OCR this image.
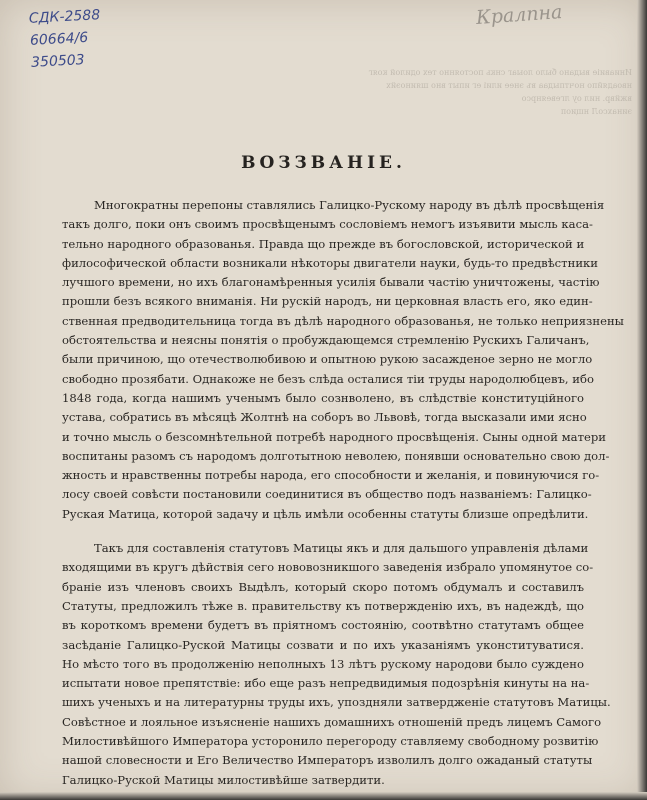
СДК-2588
60664/6
350503
Кралпна
Иниавиіе выдано было лоыаг снкь постоянно тех одилой кояг
нвоадяйпо ночтпыдаа въ энее илиі ег ипыт вно шяиноэйх
вжйвр. нил оу лгевеянрсо
эинахсоЛ нщиоп
ВОЗЗВАНІЕ.
Многократны перепоны ставлялись Галицко-Рускому народу въ дѣлѣ просвѣщенія
такъ долго, поки онъ своимъ просвѣщенымъ сословіемъ немогъ изъявити мысль каса-
тельно народного образованья. Правда що прежде въ богословской, исторической и
философической области возникали нѣкоторы двигатели науки, будь-то предвѣстники
лучшого времени, но ихъ благонамѣренныя усилія бывали частію уничтожены, частію
прошли безъ всякого вниманія. Ни рускій народъ, ни церковная власть его, яко един-
ственная предводительница тогда въ дѣлѣ народного образованья, не только неприязнены
обстоятельства и неясны понятія о пробуждающемся стремленію Рускихъ Галичанъ,
были причиною, що отечестволюбивою и опытною рукою засажденое зерно не могло
свободно прозябати. Однакоже не безъ слѣда осталися тіи труды народолюбцевъ, ибо
1848 года, когда нашимъ ученымъ было сознволено, въ слѣдствіе конституційного
устава, собратись въ мѣсяцѣ Жолтнѣ на соборъ во Львовѣ, тогда высказали ими ясно
и точно мысль о безсомнѣтельной потребѣ народного просвѣщенія. Сыны одной матери
воспитаны разомъ съ народомъ долготытною неволею, понявши основательно свою дол-
жность и нравственны потребы народа, его способности и желанія, и повинуючися го-
лосу своей совѣсти постановили соединитися въ общество подъ названіемъ: Галицко-
Руская Матица, которой задачу и цѣль имѣли особенны статуты близше опредѣлити.
Такъ для составленія статутовъ Матицы якъ и для дальшого управленія дѣлами
входящими въ кругъ дѣйствія сего нововозникшого заведенія избрало упомянутое со-
браніе изъ членовъ своихъ Выдѣлъ, который скоро потомъ обдумалъ и составилъ
Статуты, предложилъ тѣже в. правительству къ потвержденію ихъ, въ надеждѣ, що
въ короткомъ времени будетъ въ пріятномъ состоянію, соотвѣтно статутамъ общее
засѣданіе Галицко-Руской Матицы созвати и по ихъ указаніямъ уконституватися.
Но мѣсто того въ продолженію неполныхъ 13 лѣтъ рускому народови было суждено
испытати новое препятствіе: ибо еще разъ непредвидимыя подозрѣнія кинуты на на-
шихъ ученыхъ и на литературны труды ихъ, упоздняли затвердженіе статутовъ Матицы.
Совѣстное и лояльное изъясненіе нашихъ домашнихъ отношеній предъ лицемъ Самого
Милостивѣйшого Императора усторонило перегороду ставляему свободному розвитію
нашой словесности и Его Величество Императоръ изволилъ долго ожаданый статуты
Галицко-Руской Матицы милостивѣйше затвердити.
